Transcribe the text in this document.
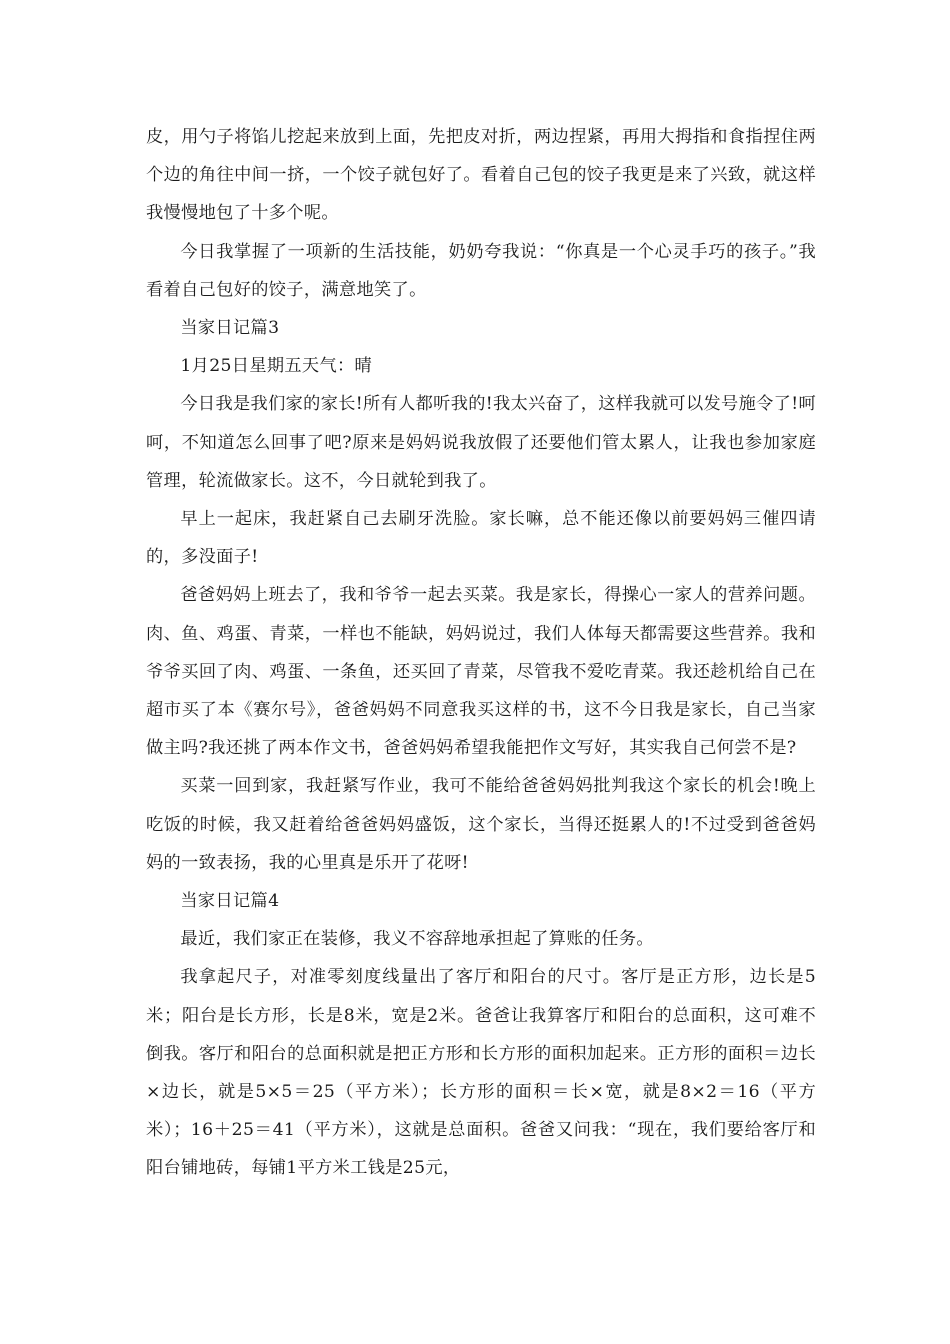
皮，用勺子将馅儿挖起来放到上面，先把皮对折，两边捏紧，再用大拇指和食指捏住两个边的角往中间一挤，一个饺子就包好了。看着自己包的饺子我更是来了兴致，就这样我慢慢地包了十多个呢。

今日我掌握了一项新的生活技能，奶奶夸我说：“你真是一个心灵手巧的孩子。”我看着自己包好的饺子，满意地笑了。

当家日记篇3

1月25日星期五天气：晴

今日我是我们家的家长!所有人都听我的!我太兴奋了，这样我就可以发号施令了!呵呵，不知道怎么回事了吧?原来是妈妈说我放假了还要他们管太累人，让我也参加家庭管理，轮流做家长。这不，今日就轮到我了。

早上一起床，我赶紧自己去刷牙洗脸。家长嘛，总不能还像以前要妈妈三催四请的，多没面子!

爸爸妈妈上班去了，我和爷爷一起去买菜。我是家长，得操心一家人的营养问题。肉、鱼、鸡蛋、青菜，一样也不能缺，妈妈说过，我们人体每天都需要这些营养。我和爷爷买回了肉、鸡蛋、一条鱼，还买回了青菜，尽管我不爱吃青菜。我还趁机给自己在超市买了本《赛尔号》，爸爸妈妈不同意我买这样的书，这不今日我是家长，自己当家做主吗?我还挑了两本作文书，爸爸妈妈希望我能把作文写好，其实我自己何尝不是?

买菜一回到家，我赶紧写作业，我可不能给爸爸妈妈批判我这个家长的机会!晚上吃饭的时候，我又赶着给爸爸妈妈盛饭，这个家长，当得还挺累人的!不过受到爸爸妈妈的一致表扬，我的心里真是乐开了花呀!

当家日记篇4

最近，我们家正在装修，我义不容辞地承担起了算账的任务。

我拿起尺子，对准零刻度线量出了客厅和阳台的尺寸。客厅是正方形，边长是5米；阳台是长方形，长是8米，宽是2米。爸爸让我算客厅和阳台的总面积，这可难不倒我。客厅和阳台的总面积就是把正方形和长方形的面积加起来。正方形的面积＝边长×边长，就是5×5＝25（平方米）；长方形的面积＝长×宽，就是8×2＝16（平方米）；16＋25＝41（平方米），这就是总面积。爸爸又问我：“现在，我们要给客厅和阳台铺地砖，每铺1平方米工钱是25元，
